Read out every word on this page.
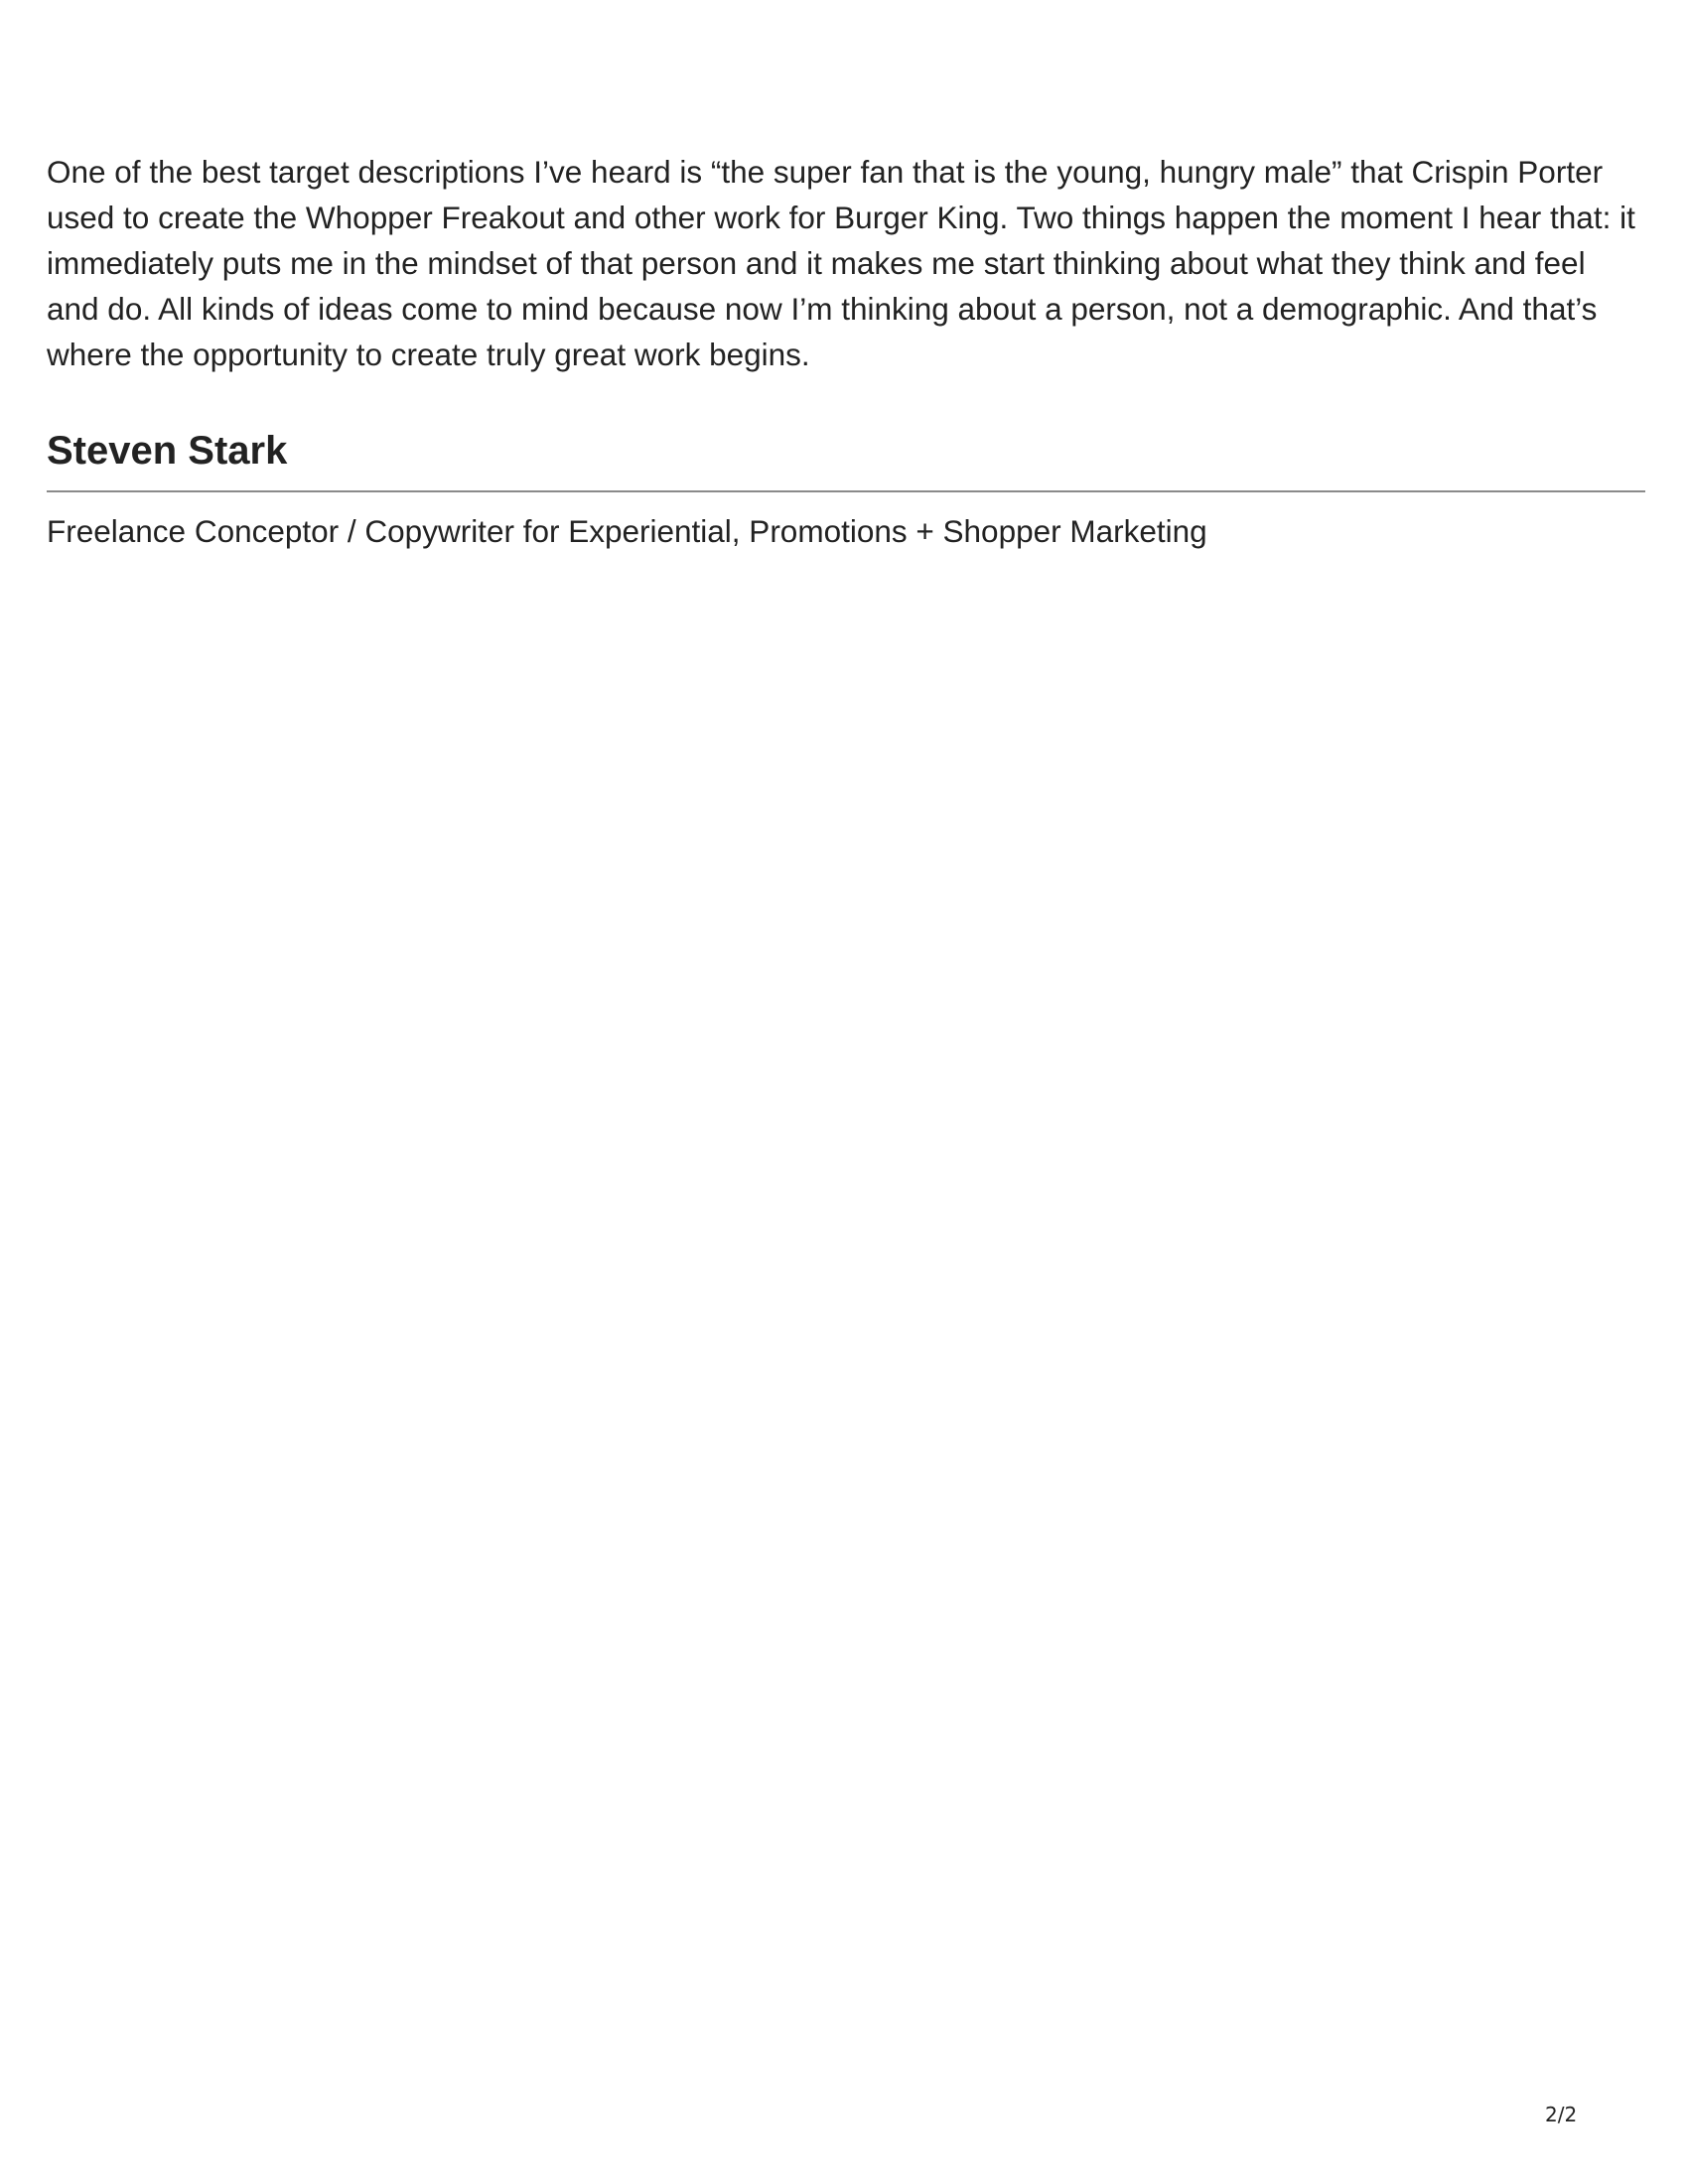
One of the best target descriptions I’ve heard is “the super fan that is the young, hungry male” that Crispin Porter used to create the Whopper Freakout and other work for Burger King. Two things happen the moment I hear that: it immediately puts me in the mindset of that person and it makes me start thinking about what they think and feel and do. All kinds of ideas come to mind because now I’m thinking about a person, not a demographic. And that’s where the opportunity to create truly great work begins.

Steven Stark

Freelance Conceptor / Copywriter for Experiential, Promotions + Shopper Marketing

2/2
